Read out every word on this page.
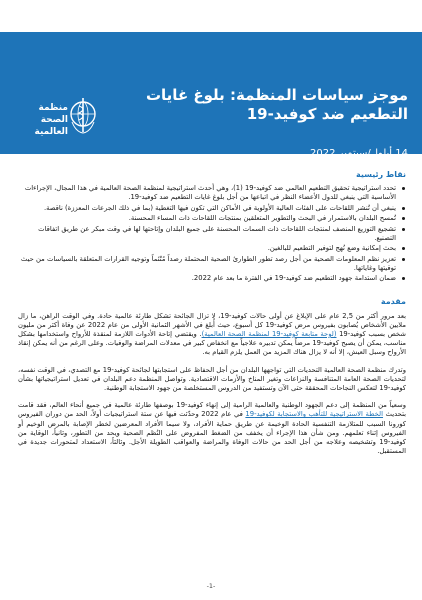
منظمة
الصحة العالمية
موجز سياسات المنظمة: بلوغ غايات التطعيم ضد كوفيد-19
14 أيلول/سبتمبر 2022
نقاط رئيسية
تحدد استراتيجية تحقيق التطعيم العالمي ضد كوفيد-19 (1)، وهي أحدث استراتيجية لمنظمة الصحة العالمية في هذا المجال، الإجراءات الأساسية التي ينبغي للدول الأعضاء النظر في اتباعها من أجل بلوغ غايات التطعيم ضد كوفيد-19.
ينبغي أن تُنشر اللقاحات على الفئات العالية الأولوية في الأماكن التي تكون فيها التغطية (بما في ذلك الجرعات المعززة) ناقصة.
تُمسح البلدان بالاستمرار في البحث والتطوير المتعلقين بمنتجات اللقاحات ذات المساء المحسنة.
تشجيع التوزيع المنصف لمنتجات اللقاحات ذات السمات المحسنة على جميع البلدان وإتاحتها لها في وقت مبكر عن طريق اتفاقات التصنيع.
بحث إمكانية وضع نُهج لتوفير التطعيم للبالغين.
تعزيز نظم المعلومات الصحية من أجل رصد تطور الطوارئ الصحية المحتملة رصداً مُتّئماً وتوجيه القرارات المتعلقة بالسياسات من حيث توقيتها وغاياتها.
ضمان استدامة جهود التطعيم ضد كوفيد-19 في الفترة ما بعد عام 2022.
مقدمة

بعد مرور أكثر من 2,5 عام على الإبلاغ عن أولى حالات كوفيد-19، لا تزال الجائحة تشكل طارئة عالمية حادة. وفي الوقت الراهن، ما زال ملايين الأشخاص يُصابون بفيروس مرض كوفيد-19 كل أسبوع، حيث أُبلغ في الأشهر الثمانية الأولى من عام 2022 عن وفاة أكثر من مليون شخص بسبب كوفيد-19 (لوحة متابعة كوفيد-19 لمنظمة الصحة العالمية). ويقتضي إتاحة الأدوات اللازمة لمنقذة للأرواح واستخدامها بشكل مناسب، يمكن أن يصبح كوفيد-19 مرضاً يمكن تدبيره علاجياً مع انخفاض كبير في معدلات المراضة والوفيات. وعلى الرغم من أنه يمكن إنقاذ الأرواح وسبل العيش، إلا أنه لا يزال هناك المزيد من العمل يلزم القيام به.

وتدرك منظمة الصحة العالمية التحديات التي تواجهها البلدان من أجل الحفاظ على استجابتها لجائحة كوفيد-19 مع التصدي، في الوقت نفسه، لتحديات الصحة العامة المتنافسة والنزاعات وتغير المناخ والأزمات الاقتصادية. وتواصل المنظمة دعم البلدان في تعديل استراتيجياتها بشأن كوفيد-19 لتعكس النجاحات المحققة حتى الآن وتستفيد من الدروس المستخلصة من جهود الاستجابة الوطنية.

وسعياً من المنظمة إلى دعم الجهود الوطنية والعالمية الرامية إلى إنهاء كوفيد-19 بوصفها طارئة عالمية في جميع أنحاء العالم، فقد قامت بتحديث الخطة الاستراتيجية للتأهب والاستجابة لكوفيد-19 في عام 2022 وحدّثت فيها عن ستة استراتيجيات أولاً، الحد من دوران الفيروس كورونا السبب للمتلازمة التنفسية الحادة الوخيمة عن طريق حماية الأفراد، ولا سيما الأفراد المعرضين لخطر الإصابة بالمرض الوخيم أو الفيروس إثناء تعلمهم. ومن شأن هذا الإجراء أن يخفف من الضغط المفروض على النُظم الصحية ويحد من التطور، وثانياً، الوقاية من كوفيد-19 وتشخيصه وعلاجه من أجل الحد من حالات الوفاة والمراضة والعواقب الطويلة الأجل. وثالثاً، الاستعداد لمتحورات جديدة في المستقبل.

-1-
